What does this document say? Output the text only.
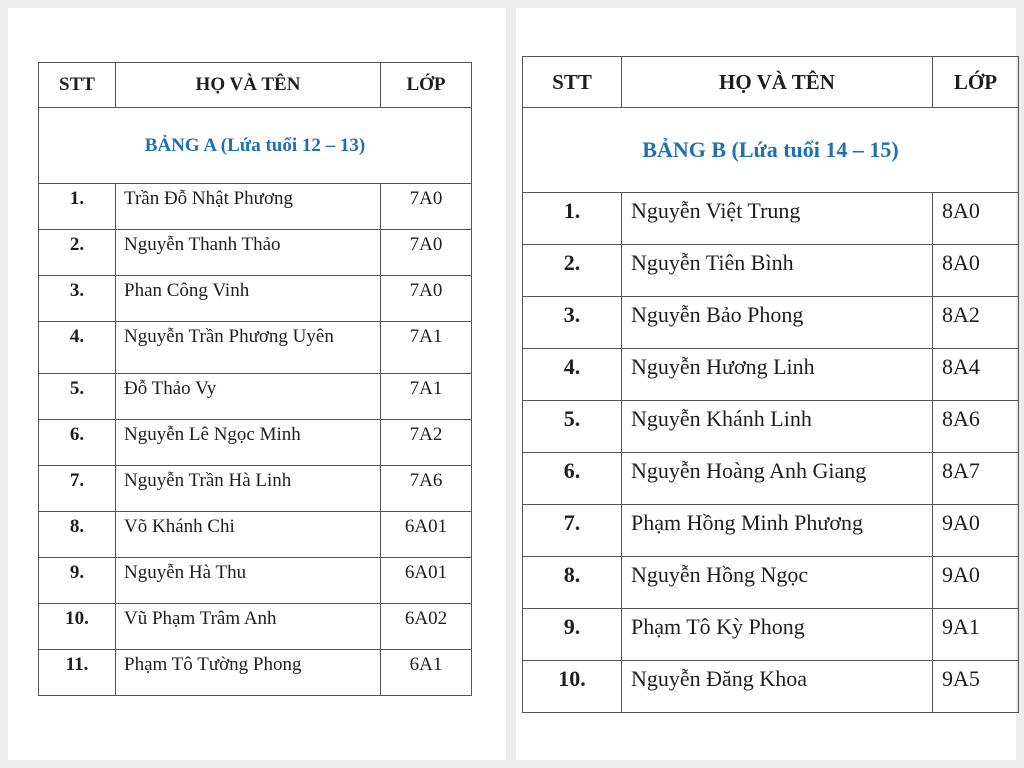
STT	HỌ VÀ TÊN	LỚP
BẢNG A (Lứa tuổi 12 – 13)		
1.	Trần Đỗ Nhật Phương	7A0
2.	Nguyễn Thanh Thảo	7A0
3.	Phan Công Vinh	7A0
4.	Nguyễn Trần Phương Uyên	7A1
5.	Đỗ Thảo Vy	7A1
6.	Nguyễn Lê Ngọc Minh	7A2
7.	Nguyễn Trần Hà Linh	7A6
8.	Võ Khánh Chi	6A01
9.	Nguyễn Hà Thu	6A01
10.	Vũ Phạm Trâm Anh	6A02
11.	Phạm Tô Tường Phong	6A1
STT	HỌ VÀ TÊN	LỚP
BẢNG B (Lứa tuổi 14 – 15)		
1.	Nguyễn Việt Trung	8A0
2.	Nguyễn Tiên Bình	8A0
3.	Nguyễn Bảo Phong	8A2
4.	Nguyễn Hương Linh	8A4
5.	Nguyễn Khánh Linh	8A6
6.	Nguyễn Hoàng Anh Giang	8A7
7.	Phạm Hồng Minh Phương	9A0
8.	Nguyễn Hồng Ngọc	9A0
9.	Phạm Tô Kỳ Phong	9A1
10.	Nguyễn Đăng Khoa	9A5
